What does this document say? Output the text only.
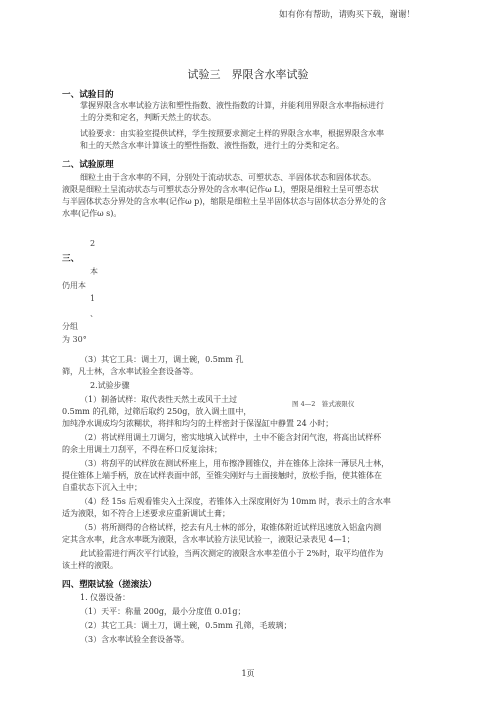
如有你有帮助，请购买下载，谢谢！
试验三　界限含水率试验
一、试验目的
掌握界限含水率试验方法和塑性指数、液性指数的计算，并能利用界限含水率指标进行
土的分类和定名，判断天然土的状态。
试验要求：由实验室提供试样，学生按照要求测定土样的界限含水率，根据界限含水率
和土的天然含水率计算该土的塑性指数、液性指数，进行土的分类和定名。
二、试验原理
细粒土由于含水率的不同，分别处于流动状态、可塑状态、半固体状态和固体状态。
液限是细粒土呈流动状态与可塑状态分界处的含水率(记作ω L)，塑限是细粒土呈可塑态状
与半固体状态分界处的含水率(记作ω p)，缩限是细粒土呈半固体状态与固体状态分界处的含
水率(记作ω s)。
2
三、
本
仍用本
1
、
分组
为 30°
（3）其它工具：调土刀，调土碗，0.5mm 孔
筛，凡士林，含水率试验全套设备等。
2.试验步骤
（1）制备试样：取代表性天然土或风干土过
0.5mm 的孔筛，过筛后取约 250g，放入调土皿中，
加纯净水调成均匀浓糊状，将拌和均匀的土样密封于保湿缸中静置 24 小时；
图 4—2　锥式液限仪
（2）将试样用调土刀调匀，密实地填入试样中，土中不能含封闭气泡，将高出试样杯
的余土用调土刀刮平，不得在杯口反复涂抹；
（3）将刮平的试样放在测试杯座上，用布擦净圆锥仪，并在锥体上涂抹一薄层凡士林，
提住锥体上端手柄，放在试样表面中部，至锥尖刚好与土面接触时，放松手指，使其锥体在
自重状态下沉入土中；
（4）经 15s 后观看锥尖入土深度，若锥体入土深度刚好为 10mm 时，表示土的含水率
适为液限，如不符合上述要求应重新调试土膏；
（5）将所测得的合格试样，挖去有凡士林的部分，取锥体附近试样迅速放入铝盒内测
定其含水率，此含水率既为液限，含水率试验方法见试验一，液限记录表见 4—1；
此试验需进行两次平行试验，当两次测定的液限含水率差值小于 2%时，取平均值作为
该土样的液限。
四、塑限试验（搓滚法）
1. 仪器设备：
（1）天平：称量 200g，最小分度值 0.01g；
（2）其它工具：调土刀，调土碗，0.5mm 孔筛，毛玻璃；
（3）含水率试验全套设备等。
1页
